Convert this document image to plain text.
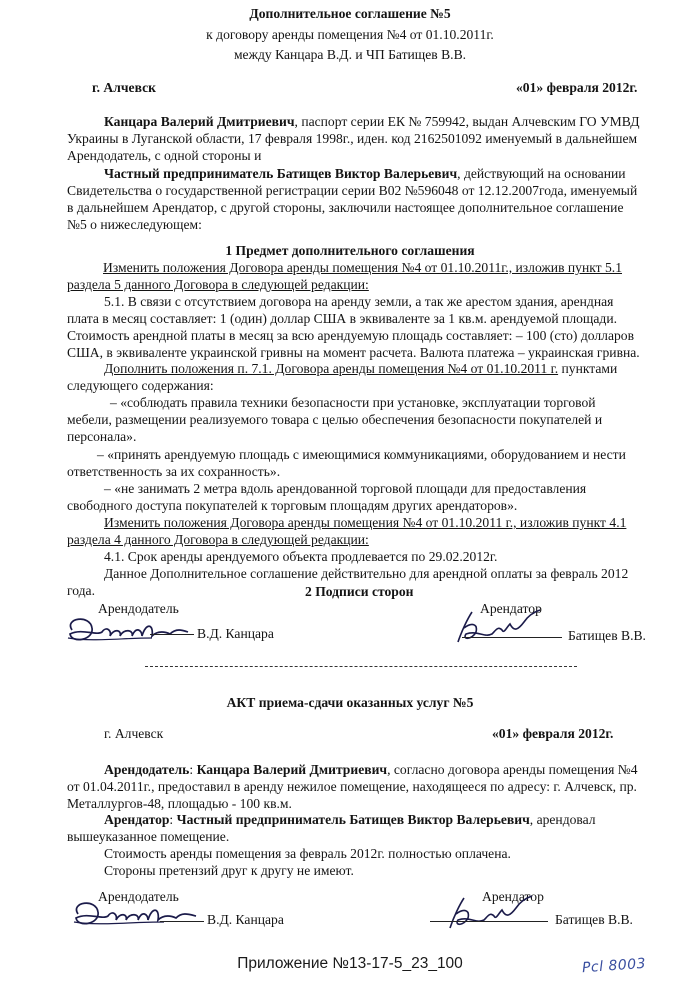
Дополнительное соглашение №5
к договору аренды помещения №4 от 01.10.2011г.
между Канцара В.Д. и ЧП Батищев В.В.
г. Алчевск	«01» февраля 2012г.
Канцара Валерий Дмитриевич, паспорт серии ЕК № 759942, выдан Алчевским ГО УМВД
Украины в Луганской области, 17 февраля 1998г., иден. код 2162501092 именуемый в дальнейшем
Арендодатель, с одной стороны и
Частный предприниматель Батищев Виктор Валерьевич, действующий на основании
Свидетельства о государственной регистрации серии В02 №596048 от 12.12.2007года, именуемый
в дальнейшем Арендатор, с другой стороны, заключили настоящее дополнительное соглашение
№5 о нижеследующем:
1 Предмет дополнительного соглашения
Изменить положения Договора аренды помещения №4 от 01.10.2011г., изложив пункт 5.1
раздела 5 данного Договора в следующей редакции:
5.1. В связи с отсутствием договора на аренду земли, а так же арестом здания, арендная
плата в месяц составляет: 1 (один) доллар США в эквиваленте за 1 кв.м. арендуемой площади.
Стоимость арендной платы в месяц за всю арендуемую площадь составляет: – 100 (сто) долларов
США, в эквиваленте украинской гривны на момент расчета. Валюта платежа – украинская гривна.
Дополнить положения п. 7.1. Договора аренды помещения №4 от 01.10.2011 г. пунктами
следующего содержания:
– «соблюдать правила техники безопасности при установке, эксплуатации торговой
мебели, размещении реализуемого товара с целью обеспечения безопасности покупателей и
персонала».
– «принять арендуемую площадь с имеющимися коммуникациями, оборудованием и нести
ответственность за их сохранность».
– «не занимать 2 метра вдоль арендованной торговой площади для предоставления
свободного доступа покупателей к торговым площадям других арендаторов».
Изменить положения Договора аренды помещения №4 от 01.10.2011 г., изложив пункт 4.1
раздела 4 данного Договора в следующей редакции:
4.1. Срок аренды арендуемого объекта продлевается по 29.02.2012г.
Данное Дополнительное соглашение действительно для арендной оплаты за февраль 2012
года.	2 Подписи сторон
Арендодатель	Арендатор
В.Д. Канцара	Батищев В.В.
АКТ приема-сдачи оказанных услуг №5
г. Алчевск	«01» февраля 2012г.
Арендодатель: Канцара Валерий Дмитриевич, согласно договора аренды помещения №4
от 01.04.2011г., предоставил в аренду нежилое помещение, находящееся по адресу: г. Алчевск, пр.
Металлургов-48, площадью - 100 кв.м.
Арендатор: Частный предприниматель Батищев Виктор Валерьевич, арендовал
вышеуказанное помещение.
Стоимость аренды помещения за февраль 2012г. полностью оплачена.
Стороны претензий друг к другу не имеют.
Арендодатель	Арендатор
В.Д. Канцара	Батищев В.В.
Приложение №13-17-5_23_100	Pcl 8003
